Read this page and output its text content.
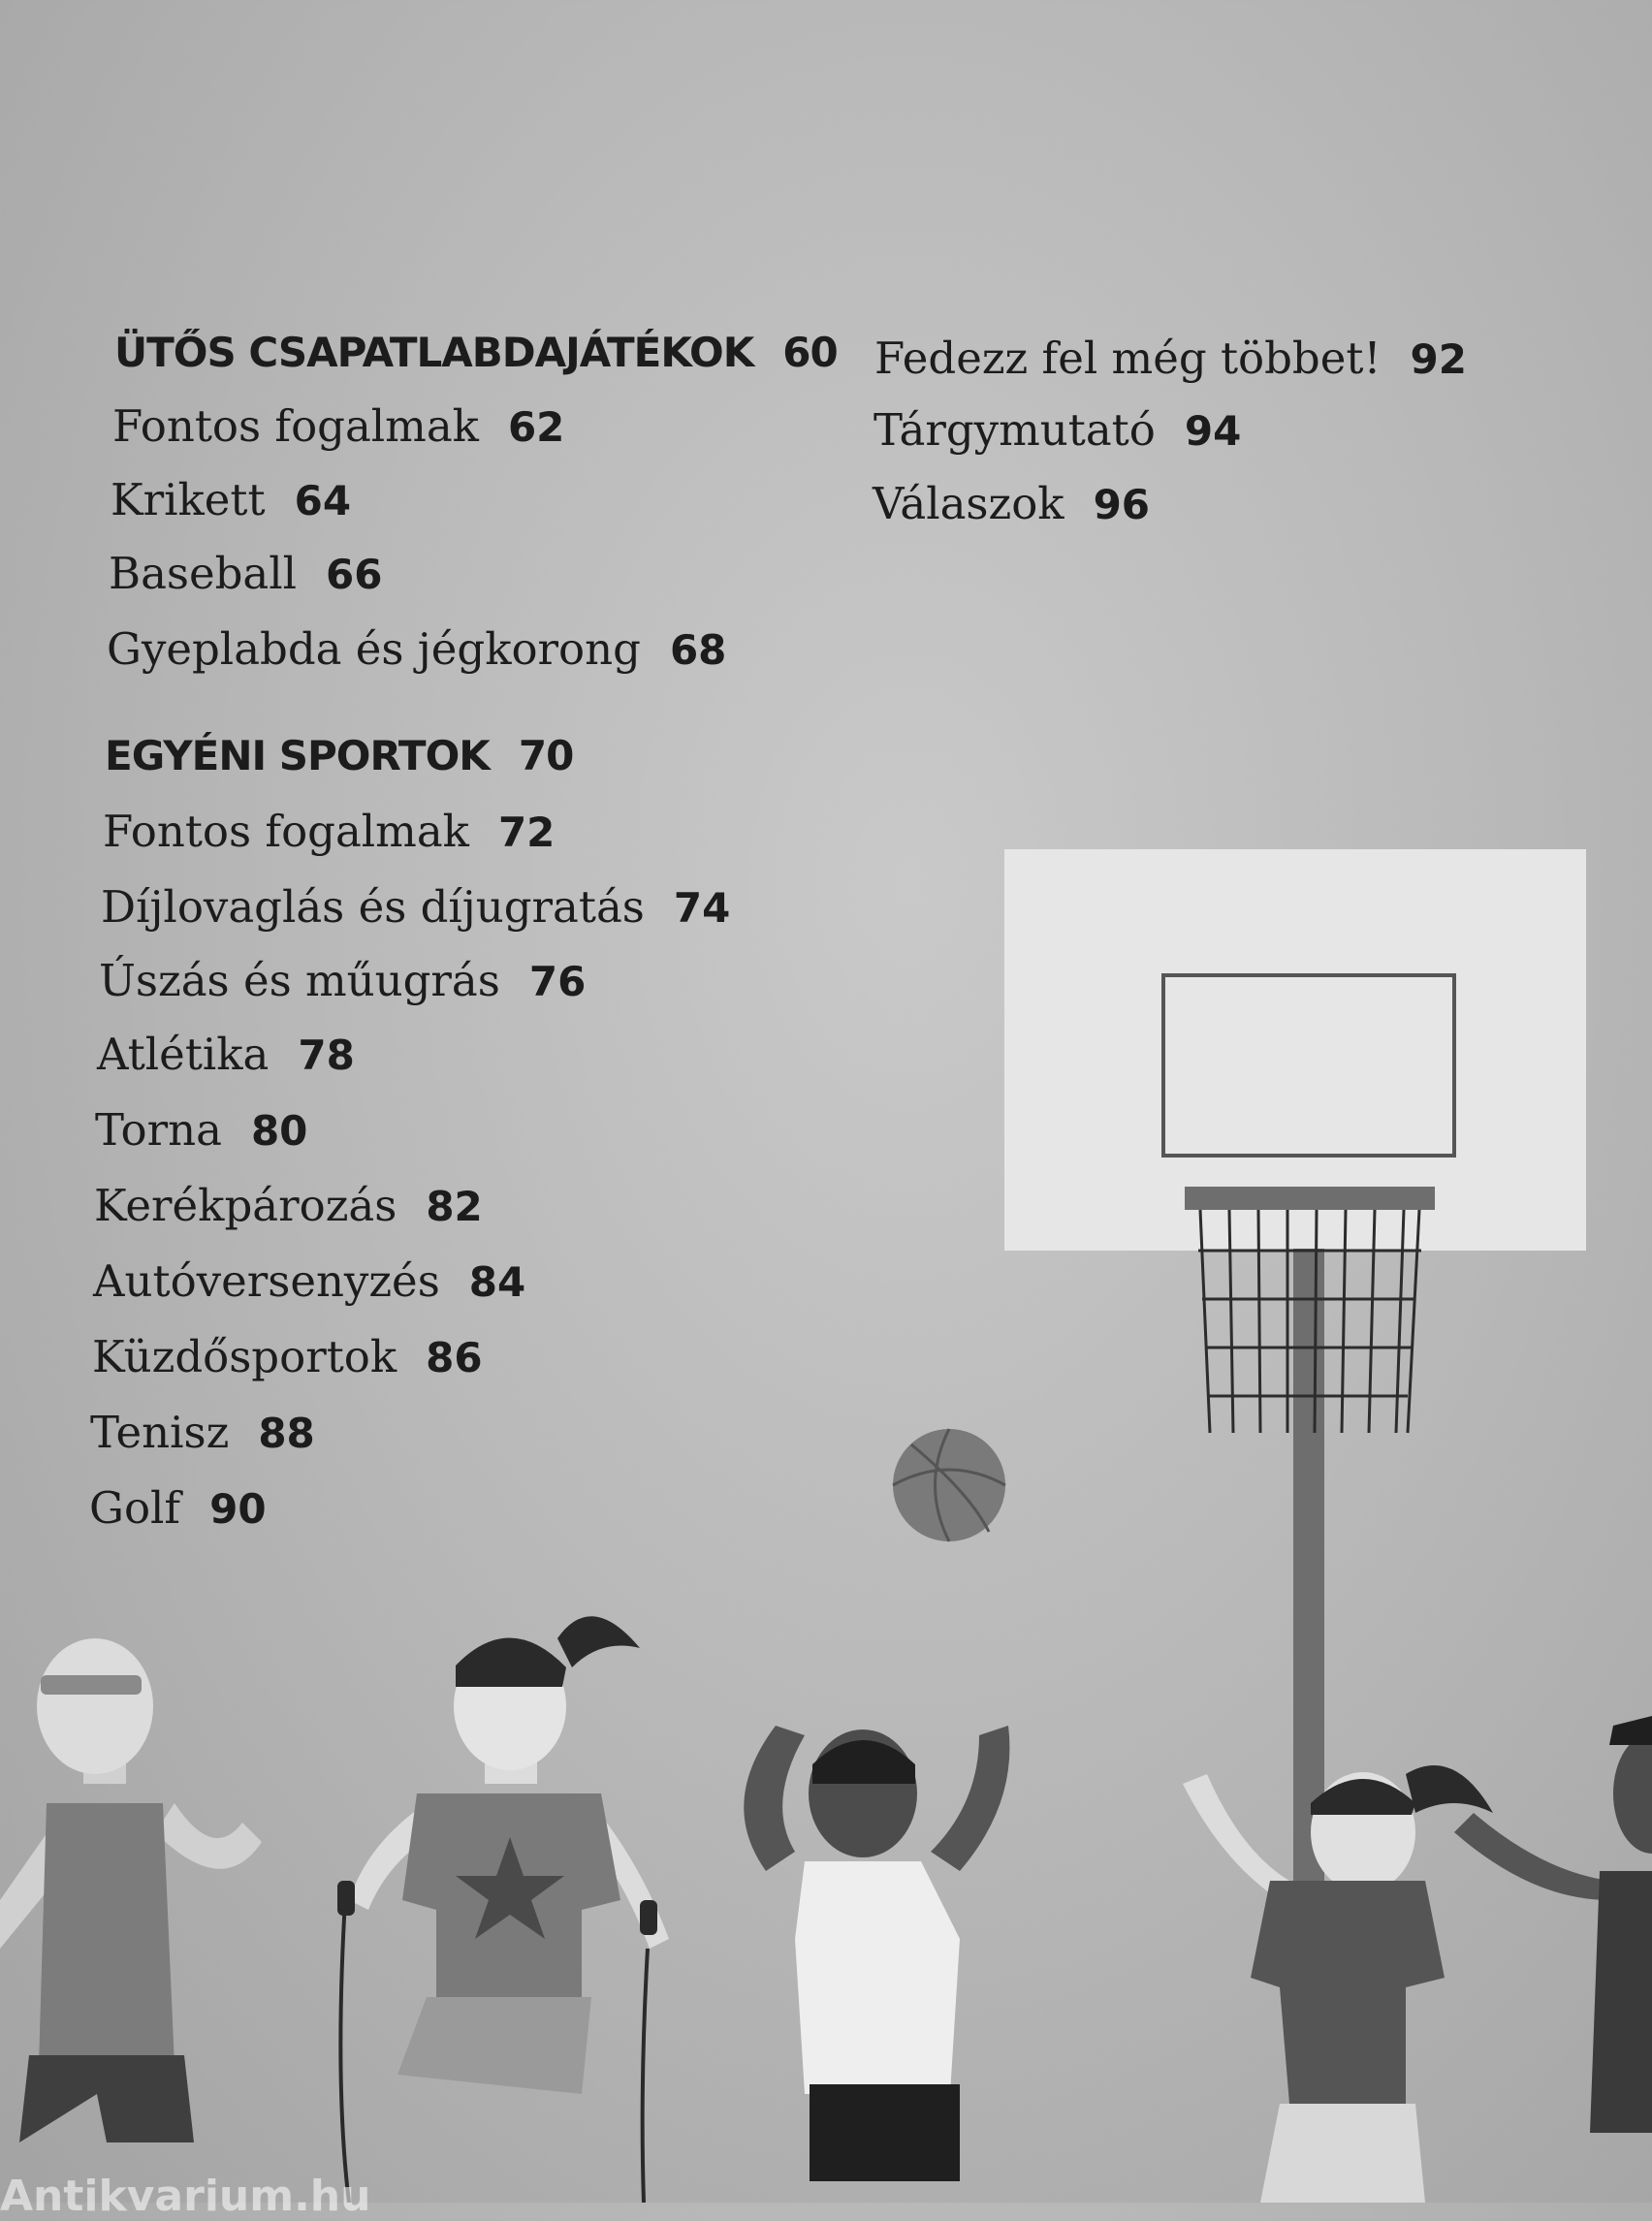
ÜTŐS CSAPATLABDAJÁTÉKOK 60
Fontos fogalmak 62
Krikett 64
Baseball 66
Gyeplabda és jégkorong 68
EGYÉNI SPORTOK 70
Fontos fogalmak 72
Díjlovaglás és díjugratás 74
Úszás és műugrás 76
Atlétika 78
Torna 80
Kerékpározás 82
Autóversenyzés 84
Küzdősportok 86
Tenisz 88
Golf 90
Fedezz fel még többet! 92
Tárgymutató 94
Válaszok 96
Antikvarium.hu
